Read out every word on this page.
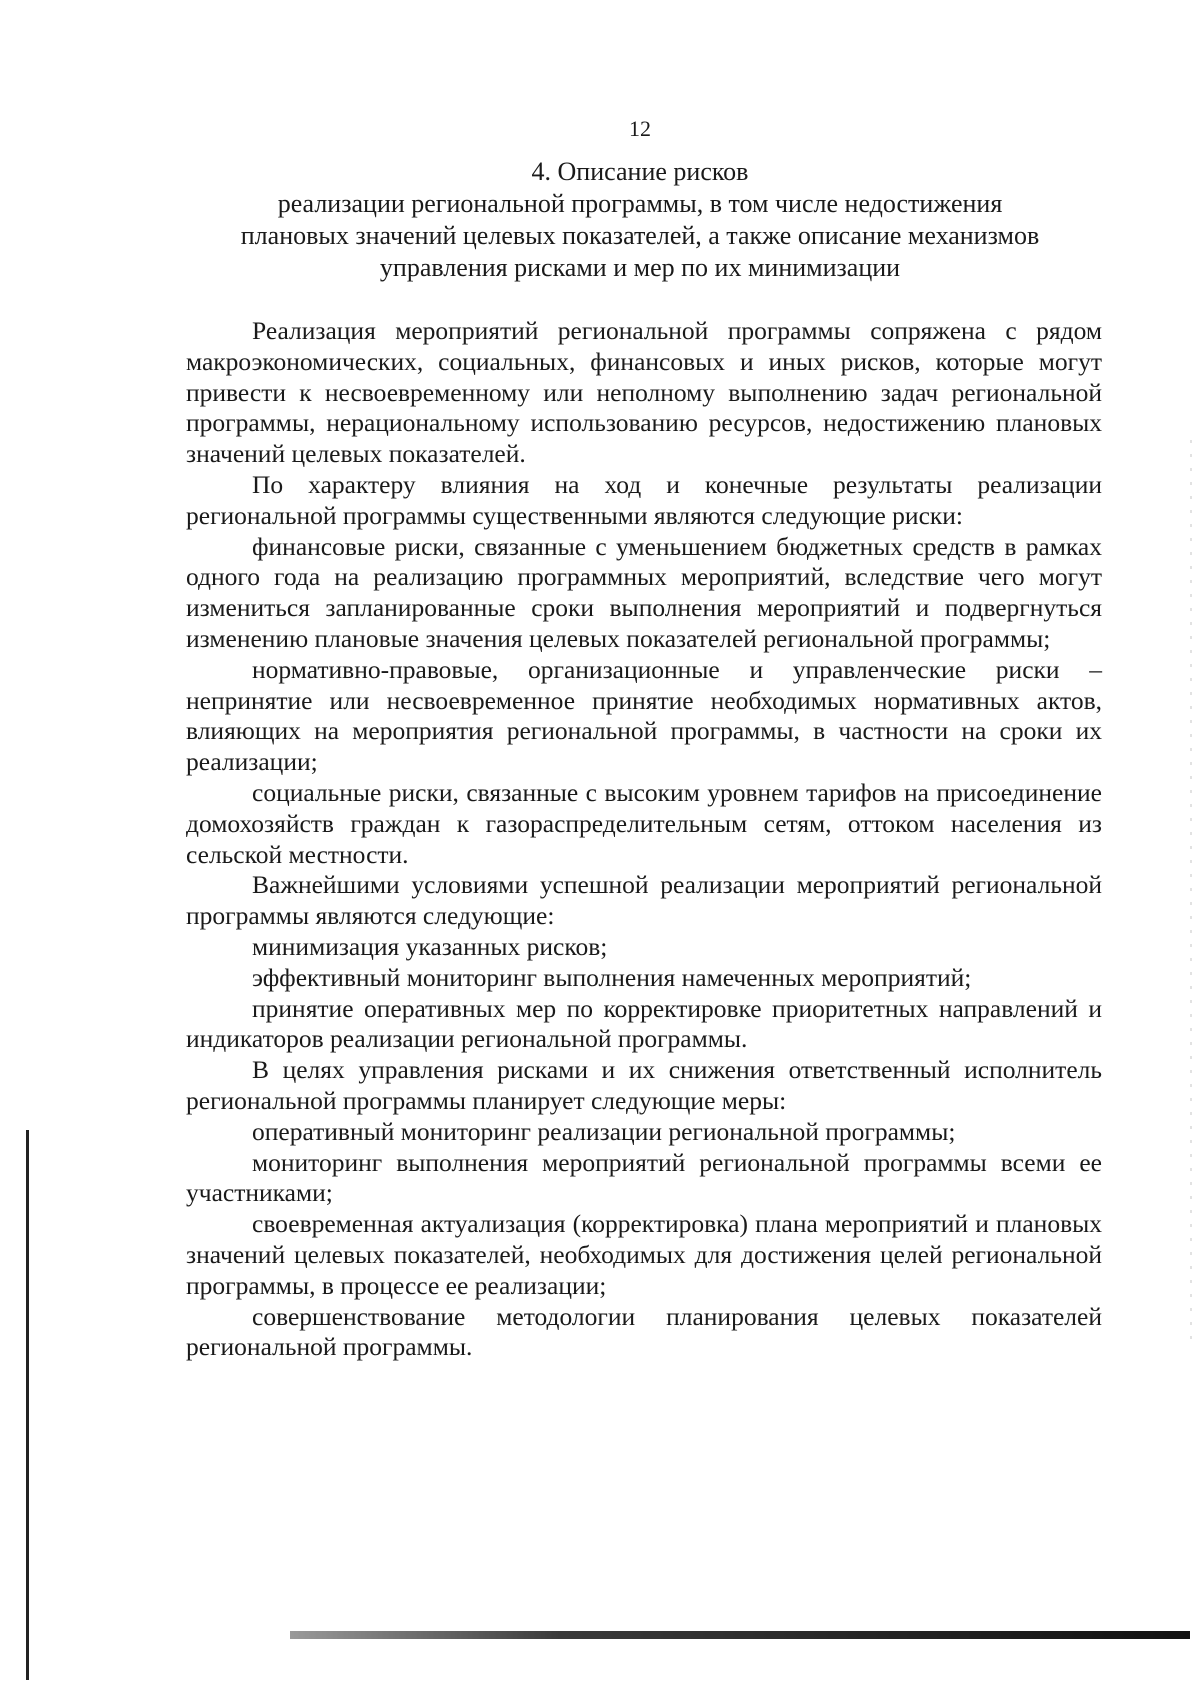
12
4. Описание рисков
реализации региональной программы, в том числе недостижения
плановых значений целевых показателей, а также описание механизмов
управления рисками и мер по их минимизации

Реализация мероприятий региональной программы сопряжена с рядом макроэкономических, социальных, финансовых и иных рисков, которые могут привести к несвоевременному или неполному выполнению задач региональной программы, нерациональному использованию ресурсов, недостижению плановых значений целевых показателей.

По характеру влияния на ход и конечные результаты реализации региональной программы существенными являются следующие риски:

финансовые риски, связанные с уменьшением бюджетных средств в рамках одного года на реализацию программных мероприятий, вследствие чего могут измениться запланированные сроки выполнения мероприятий и подвергнуться изменению плановые значения целевых показателей региональной программы;

нормативно-правовые, организационные и управленческие риски – непринятие или несвоевременное принятие необходимых нормативных актов, влияющих на мероприятия региональной программы, в частности на сроки их реализации;

социальные риски, связанные с высоким уровнем тарифов на присоединение домохозяйств граждан к газораспределительным сетям, оттоком населения из сельской местности.

Важнейшими условиями успешной реализации мероприятий региональной программы являются следующие:

минимизация указанных рисков;

эффективный мониторинг выполнения намеченных мероприятий;

принятие оперативных мер по корректировке приоритетных направлений и индикаторов реализации региональной программы.

В целях управления рисками и их снижения ответственный исполнитель региональной программы планирует следующие меры:

оперативный мониторинг реализации региональной программы;

мониторинг выполнения мероприятий региональной программы всеми ее участниками;

своевременная актуализация (корректировка) плана мероприятий и плановых значений целевых показателей, необходимых для достижения целей региональной программы, в процессе ее реализации;

совершенствование методологии планирования целевых показателей региональной программы.
